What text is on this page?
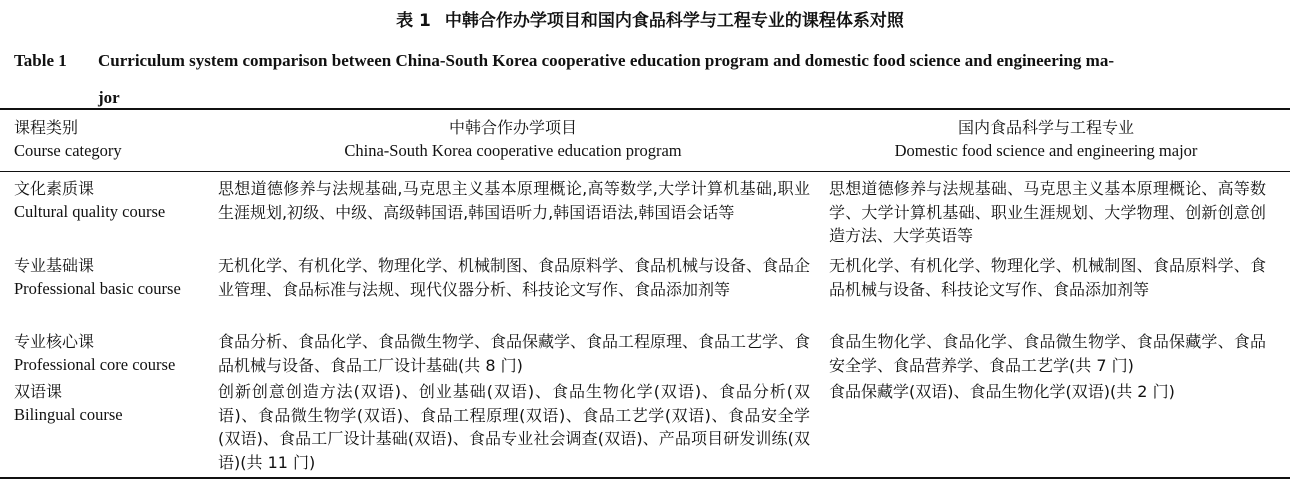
表 1 中韩合作办学项目和国内食品科学与工程专业的课程体系对照
Table 1 Curriculum system comparison between China-South Korea cooperative education program and domestic food science and engineering ma-
jor
课程类别
Course category
中韩合作办学项目
China-South Korea cooperative education program
国内食品科学与工程专业
Domestic food science and engineering major
文化素质课
Cultural quality course
思想道德修养与法规基础,马克思主义基本原理概论,高等数学,大学计算机基础,职业生涯规划,初级、中级、高级韩国语,韩国语听力,韩国语语法,韩国语会话等
思想道德修养与法规基础、马克思主义基本原理概论、高等数学、大学计算机基础、职业生涯规划、大学物理、创新创意创造方法、大学英语等
专业基础课
Professional basic course
无机化学、有机化学、物理化学、机械制图、食品原料学、食品机械与设备、食品企业管理、食品标准与法规、现代仪器分析、科技论文写作、食品添加剂等
无机化学、有机化学、物理化学、机械制图、食品原料学、食品机械与设备、科技论文写作、食品添加剂等
专业核心课
Professional core course
食品分析、食品化学、食品微生物学、食品保藏学、食品工程原理、食品工艺学、食品机械与设备、食品工厂设计基础(共 8 门)
食品生物化学、食品化学、食品微生物学、食品保藏学、食品安全学、食品营养学、食品工艺学(共 7 门)
双语课
Bilingual course
创新创意创造方法(双语)、创业基础(双语)、食品生物化学(双语)、食品分析(双语)、食品微生物学(双语)、食品工程原理(双语)、食品工艺学(双语)、食品安全学(双语)、食品工厂设计基础(双语)、食品专业社会调查(双语)、产品项目研发训练(双语)(共 11 门)
食品保藏学(双语)、食品生物化学(双语)(共 2 门)
